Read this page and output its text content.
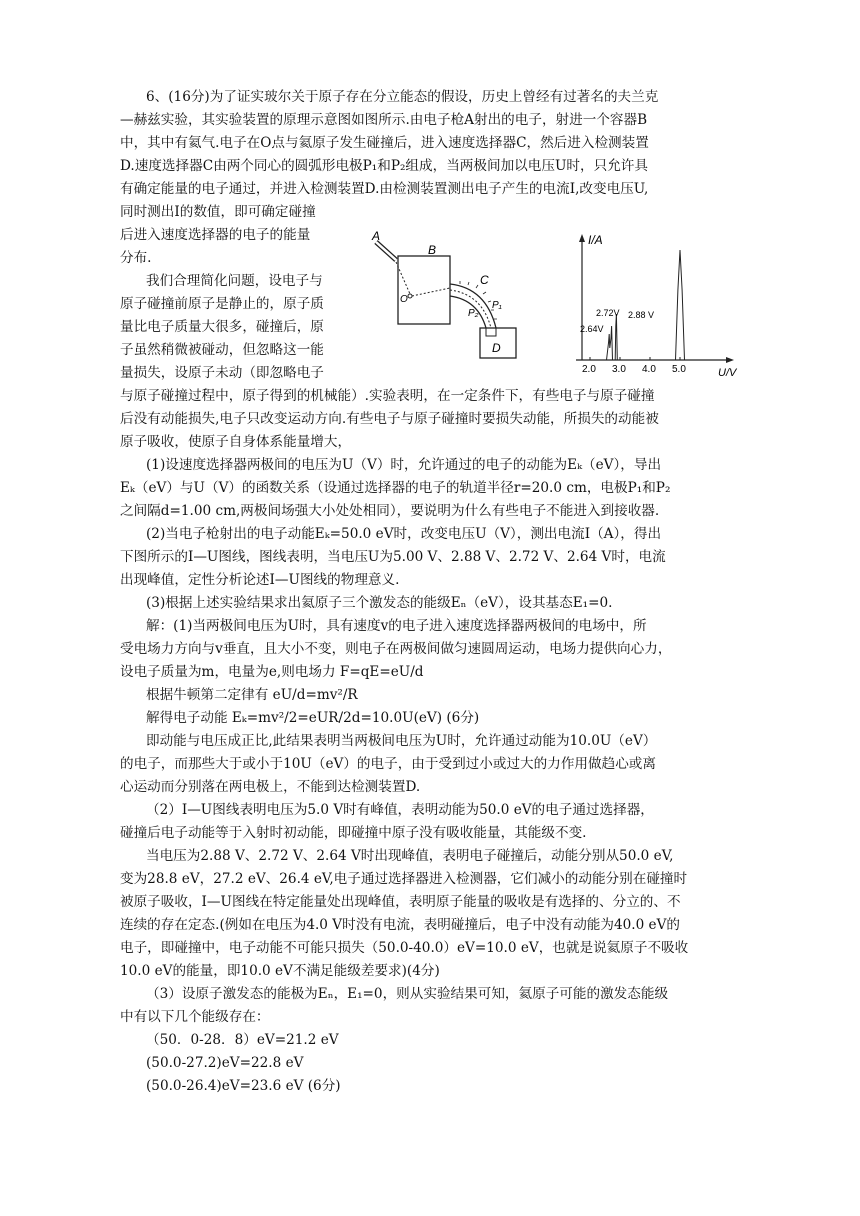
6、(16分)为了证实玻尔关于原子存在分立能态的假设，历史上曾经有过著名的夫兰克
—赫兹实验，其实验装置的原理示意图如图所示.由电子枪A射出的电子，射进一个容器B
中，其中有氦气.电子在O点与氦原子发生碰撞后，进入速度选择器C，然后进入检测装置
D.速度选择器C由两个同心的圆弧形电极P₁和P₂组成，当两极间加以电压U时，只允许具
有确定能量的电子通过，并进入检测装置D.由检测装置测出电子产生的电流I,改变电压U,
同时测出I的数值，即可确定碰撞
后进入速度选择器的电子的能量
分布.
我们合理简化问题，设电子与
原子碰撞前原子是静止的，原子质
量比电子质量大很多，碰撞后，原
子虽然稍微被碰动，但忽略这一能
量损失，设原子未动（即忽略电子
与原子碰撞过程中，原子得到的机械能）.实验表明，在一定条件下，有些电子与原子碰撞
后没有动能损失,电子只改变运动方向.有些电子与原子碰撞时要损失动能，所损失的动能被
原子吸收，使原子自身体系能量增大，
(1)设速度选择器两极间的电压为U（V）时，允许通过的电子的动能为Eₖ（eV），导出
Eₖ（eV）与U（V）的函数关系（设通过选择器的电子的轨道半径r=20.0 cm，电极P₁和P₂
之间隔d=1.00 cm,两极间场强大小处处相同），要说明为什么有些电子不能进入到接收器.
(2)当电子枪射出的电子动能Eₖ=50.0 eV时，改变电压U（V），测出电流I（A），得出
下图所示的I—U图线，图线表明，当电压U为5.00 V、2.88 V、2.72 V、2.64 V时，电流
出现峰值，定性分析论述I—U图线的物理意义.
(3)根据上述实验结果求出氦原子三个激发态的能级Eₙ（eV），设其基态E₁=0.
解：(1)当两极间电压为U时，具有速度v的电子进入速度选择器两极间的电场中，所
受电场力方向与v垂直，且大小不变，则电子在两极间做匀速圆周运动，电场力提供向心力，
设电子质量为m，电量为e,则电场力 F=qE=eU/d
根据牛顿第二定律有 eU/d=mv²/R
解得电子动能 Eₖ=mv²/2=eUR/2d=10.0U(eV) (6分)
即动能与电压成正比,此结果表明当两极间电压为U时，允许通过动能为10.0U（eV）
的电子，而那些大于或小于10U（eV）的电子，由于受到过小或过大的力作用做趋心或离
心运动而分别落在两电极上，不能到达检测装置D.
（2）I—U图线表明电压为5.0 V时有峰值，表明动能为50.0 eV的电子通过选择器，
碰撞后电子动能等于入射时初动能，即碰撞中原子没有吸收能量，其能级不变.
当电压为2.88 V、2.72 V、2.64 V时出现峰值，表明电子碰撞后，动能分别从50.0 eV,
变为28.8 eV，27.2 eV、26.4 eV,电子通过选择器进入检测器，它们减小的动能分别在碰撞时
被原子吸收，I—U图线在特定能量处出现峰值，表明原子能量的吸收是有选择的、分立的、不
连续的存在定态.(例如在电压为4.0 V时没有电流，表明碰撞后，电子中没有动能为40.0 eV的
电子，即碰撞中，电子动能不可能只损失（50.0-40.0）eV=10.0 eV，也就是说氦原子不吸收
10.0 eV的能量，即10.0 eV不满足能级差要求)(4分)
（3）设原子激发态的能极为Eₙ，E₁=0，则从实验结果可知，氦原子可能的激发态能级
中有以下几个能级存在：
（50．0-28．8）eV=21.2 eV
(50.0-27.2)eV=22.8 eV
(50.0-26.4)eV=23.6 eV (6分)
A
B
O
C
P₁
P₂
D
I/A
U/V
2.0 3.0 4.0 5.0
2.64V
2.72V 2.88 V
